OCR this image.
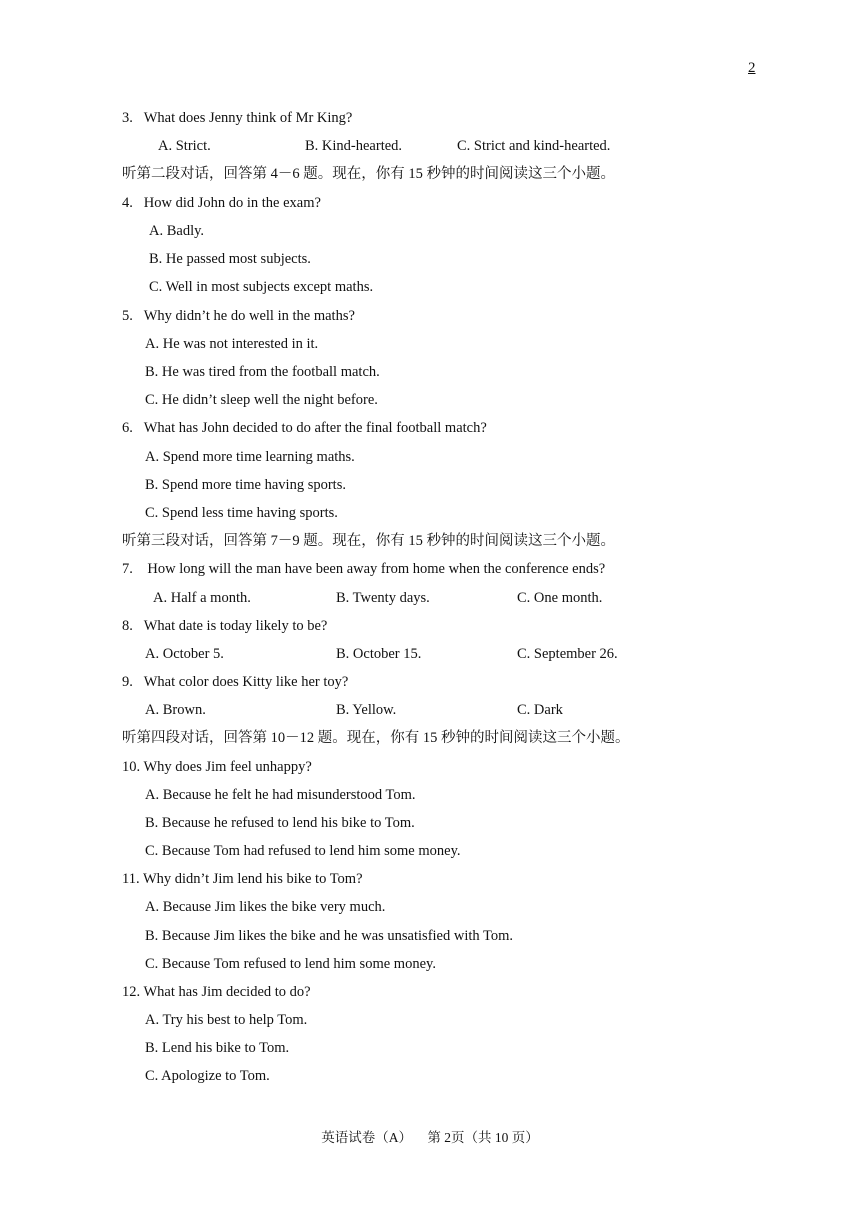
2
3.   What does Jenny think of Mr King?
A. Strict.	B. Kind-hearted.	C. Strict and kind-hearted.
听第二段对话，回答第 4－6 题。现在，你有 15 秒钟的时间阅读这三个小题。
4.   How did John do in the exam?
A. Badly.
B. He passed most subjects.
C. Well in most subjects except maths.
5.   Why didn’t he do well in the maths?
A. He was not interested in it.
B. He was tired from the football match.
C. He didn’t sleep well the night before.
6.   What has John decided to do after the final football match?
A. Spend more time learning maths.
B. Spend more time having sports.
C. Spend less time having sports.
听第三段对话，回答第 7－9 题。现在，你有 15 秒钟的时间阅读这三个小题。
7.    How long will the man have been away from home when the conference ends?
A. Half a month.	B. Twenty days.	C. One month.
8.   What date is today likely to be?
A. October 5.	B. October 15.	C. September 26.
9.   What color does Kitty like her toy?
A. Brown.	B. Yellow.	C. Dark
听第四段对话，回答第 10－12 题。现在，你有 15 秒钟的时间阅读这三个小题。
10. Why does Jim feel unhappy?
A. Because he felt he had misunderstood Tom.
B. Because he refused to lend his bike to Tom.
C. Because Tom had refused to lend him some money.
11. Why didn’t Jim lend his bike to Tom?
A. Because Jim likes the bike very much.
B. Because Jim likes the bike and he was unsatisfied with Tom.
C. Because Tom refused to lend him some money.
12. What has Jim decided to do?
A. Try his best to help Tom.
B. Lend his bike to Tom.
C. Apologize to Tom.
英语试卷（A） 第 2页（共 10 页）
